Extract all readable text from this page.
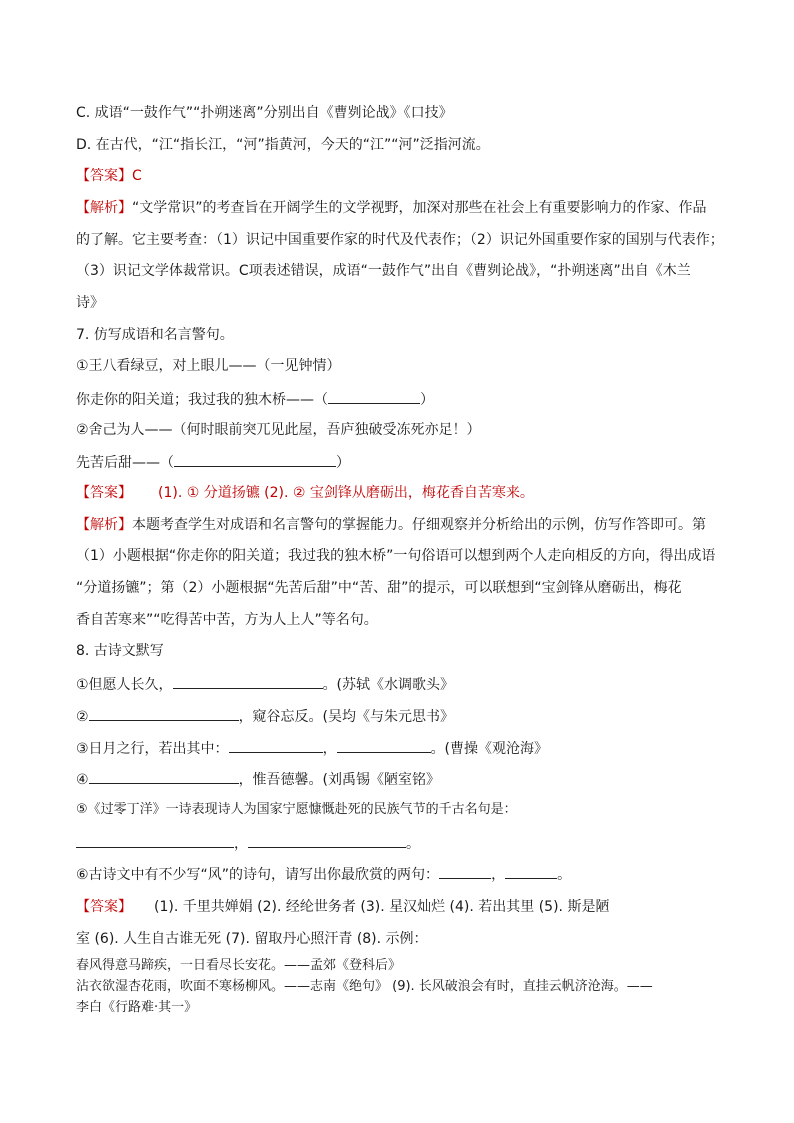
C. 成语“一鼓作气”“扑朔迷离”分别出自《曹刿论战》《口技》
D. 在古代，“江“指长江，“河”指黄河，今天的“江”“河”泛指河流。
【答案】C
【解析】“文学常识”的考查旨在开阔学生的文学视野，加深对那些在社会上有重要影响力的作家、作品
的了解。它主要考查：（1）识记中国重要作家的时代及代表作；（2）识记外国重要作家的国别与代表作；
（3）识记文学体裁常识。C项表述错误，成语“一鼓作气”出自《曹刿论战》，“扑朔迷离”出自《木兰
诗》
7. 仿写成语和名言警句。
①王八看绿豆，对上眼儿——（一见钟情）
你走你的阳关道；我过我的独木桥——（	）
②舍己为人——（何时眼前突兀见此屋，吾庐独破受冻死亦足！）
先苦后甜——（	）
【答案】 (1). ① 分道扬镳 (2). ② 宝剑锋从磨砺出，梅花香自苦寒来。
【解析】本题考查学生对成语和名言警句的掌握能力。仔细观察并分析给出的示例，仿写作答即可。第
（1）小题根据“你走你的阳关道；我过我的独木桥”一句俗语可以想到两个人走向相反的方向，得出成语
“分道扬镳”；第（2）小题根据“先苦后甜”中“苦、甜”的提示，可以联想到“宝剑锋从磨砺出，梅花
香自苦寒来”“吃得苦中苦，方为人上人”等名句。
8. 古诗文默写
①但愿人长久，	。(苏轼《水调歌头》
②	，窥谷忘反。(吴均《与朱元思书》
③日月之行，若出其中：	，	。(曹操《观沧海》
④	，惟吾德馨。(刘禹锡《陋室铭》
⑤《过零丁洋》一诗表现诗人为国家宁愿慷慨赴死的民族气节的千古名句是：
，	。
⑥古诗文中有不少写“风”的诗句，请写出你最欣赏的两句：	，	。
【答案】 (1). 千里共婵娟 (2). 经纶世务者 (3). 星汉灿烂 (4). 若出其里 (5). 斯是陋
室 (6). 人生自古谁无死 (7). 留取丹心照汗青 (8). 示例：
春风得意马蹄疾，一日看尽长安花。——孟郊《登科后》
沾衣欲湿杏花雨，吹面不寒杨柳风。——志南《绝句》 (9). 长风破浪会有时，直挂云帆济沧海。——
李白《行路难·其一》
